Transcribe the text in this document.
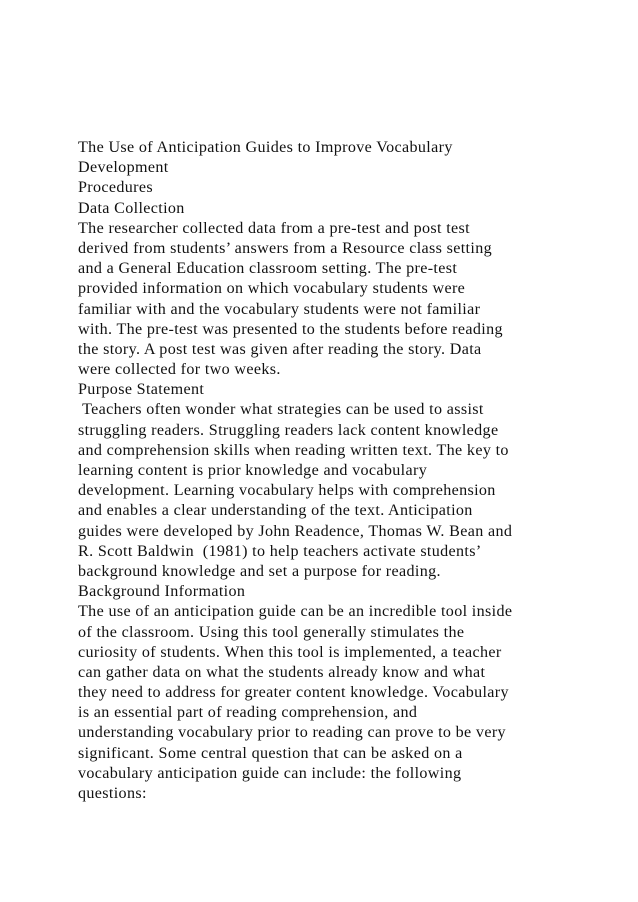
The Use of Anticipation Guides to Improve Vocabulary
Development
Procedures
Data Collection
The researcher collected data from a pre-test and post test
derived from students’ answers from a Resource class setting
and a General Education classroom setting. The pre-test
provided information on which vocabulary students were
familiar with and the vocabulary students were not familiar
with. The pre-test was presented to the students before reading
the story. A post test was given after reading the story. Data
were collected for two weeks.
Purpose Statement
Teachers often wonder what strategies can be used to assist
struggling readers. Struggling readers lack content knowledge
and comprehension skills when reading written text. The key to
learning content is prior knowledge and vocabulary
development. Learning vocabulary helps with comprehension
and enables a clear understanding of the text. Anticipation
guides were developed by John Readence, Thomas W. Bean and
R. Scott Baldwin  (1981) to help teachers activate students’
background knowledge and set a purpose for reading.
Background Information
The use of an anticipation guide can be an incredible tool inside
of the classroom. Using this tool generally stimulates the
curiosity of students. When this tool is implemented, a teacher
can gather data on what the students already know and what
they need to address for greater content knowledge. Vocabulary
is an essential part of reading comprehension, and
understanding vocabulary prior to reading can prove to be very
significant. Some central question that can be asked on a
vocabulary anticipation guide can include: the following
questions:
